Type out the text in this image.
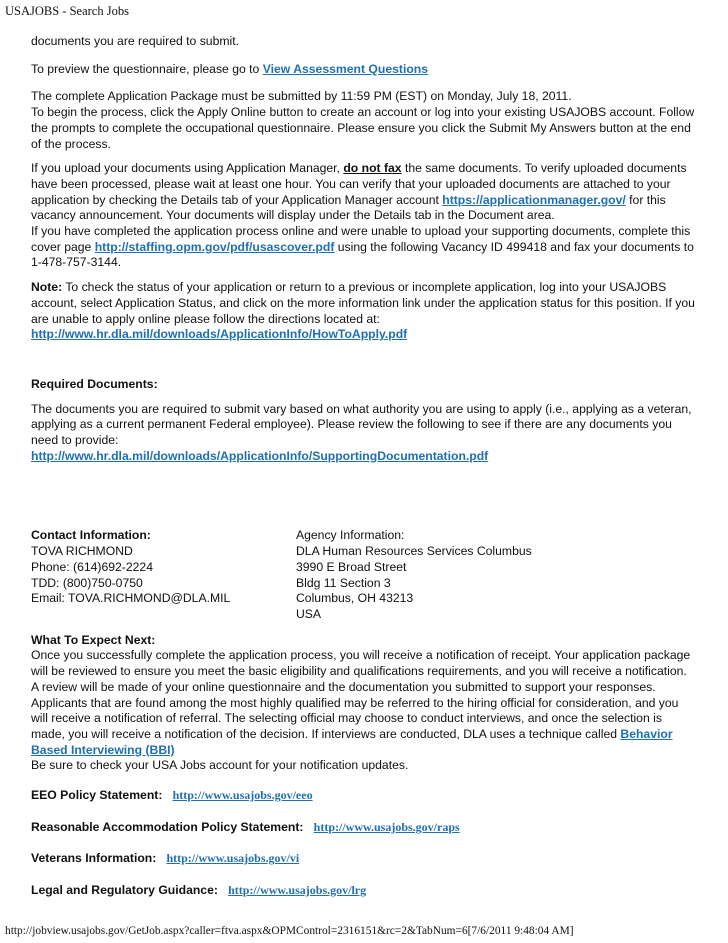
USAJOBS - Search Jobs

documents you are required to submit.

To preview the questionnaire, please go to View Assessment Questions

The complete Application Package must be submitted by 11:59 PM (EST) on Monday, July 18, 2011.

To begin the process, click the Apply Online button to create an account or log into your existing USAJOBS account. Follow the prompts to complete the occupational questionnaire. Please ensure you click the Submit My Answers button at the end of the process.

If you upload your documents using Application Manager, do not fax the same documents. To verify uploaded documents have been processed, please wait at least one hour. You can verify that your uploaded documents are attached to your application by checking the Details tab of your Application Manager account https://applicationmanager.gov/ for this vacancy announcement. Your documents will display under the Details tab in the Document area.

If you have completed the application process online and were unable to upload your supporting documents, complete this cover page http://staffing.opm.gov/pdf/usascover.pdf using the following Vacancy ID 499418 and fax your documents to 1-478-757-3144.

Note: To check the status of your application or return to a previous or incomplete application, log into your USAJOBS account, select Application Status, and click on the more information link under the application status for this position. If you are unable to apply online please follow the directions located at: http://www.hr.dla.mil/downloads/ApplicationInfo/HowToApply.pdf

Required Documents:

The documents you are required to submit vary based on what authority you are using to apply (i.e., applying as a veteran, applying as a current permanent Federal employee). Please review the following to see if there are any documents you need to provide:

http://www.hr.dla.mil/downloads/ApplicationInfo/SupportingDocumentation.pdf

Contact Information:

TOVA RICHMOND
Phone: (614)692-2224
TDD: (800)750-0750
Email: TOVA.RICHMOND@DLA.MIL
Agency Information:
DLA Human Resources Services Columbus
3990 E Broad Street
Bldg 11 Section 3
Columbus, OH 43213
USA

What To Expect Next:

Once you successfully complete the application process, you will receive a notification of receipt. Your application package will be reviewed to ensure you meet the basic eligibility and qualifications requirements, and you will receive a notification. A review will be made of your online questionnaire and the documentation you submitted to support your responses. Applicants that are found among the most highly qualified may be referred to the hiring official for consideration, and you will receive a notification of referral. The selecting official may choose to conduct interviews, and once the selection is made, you will receive a notification of the decision. If interviews are conducted, DLA uses a technique called Behavior Based Interviewing (BBI)

Be sure to check your USA Jobs account for your notification updates.

EEO Policy Statement: http://www.usajobs.gov/eeo

Reasonable Accommodation Policy Statement: http://www.usajobs.gov/raps

Veterans Information: http://www.usajobs.gov/vi

Legal and Regulatory Guidance: http://www.usajobs.gov/lrg

http://jobview.usajobs.gov/GetJob.aspx?caller=ftva.aspx&OPMControl=2316151&rc=2&TabNum=6[7/6/2011 9:48:04 AM]
